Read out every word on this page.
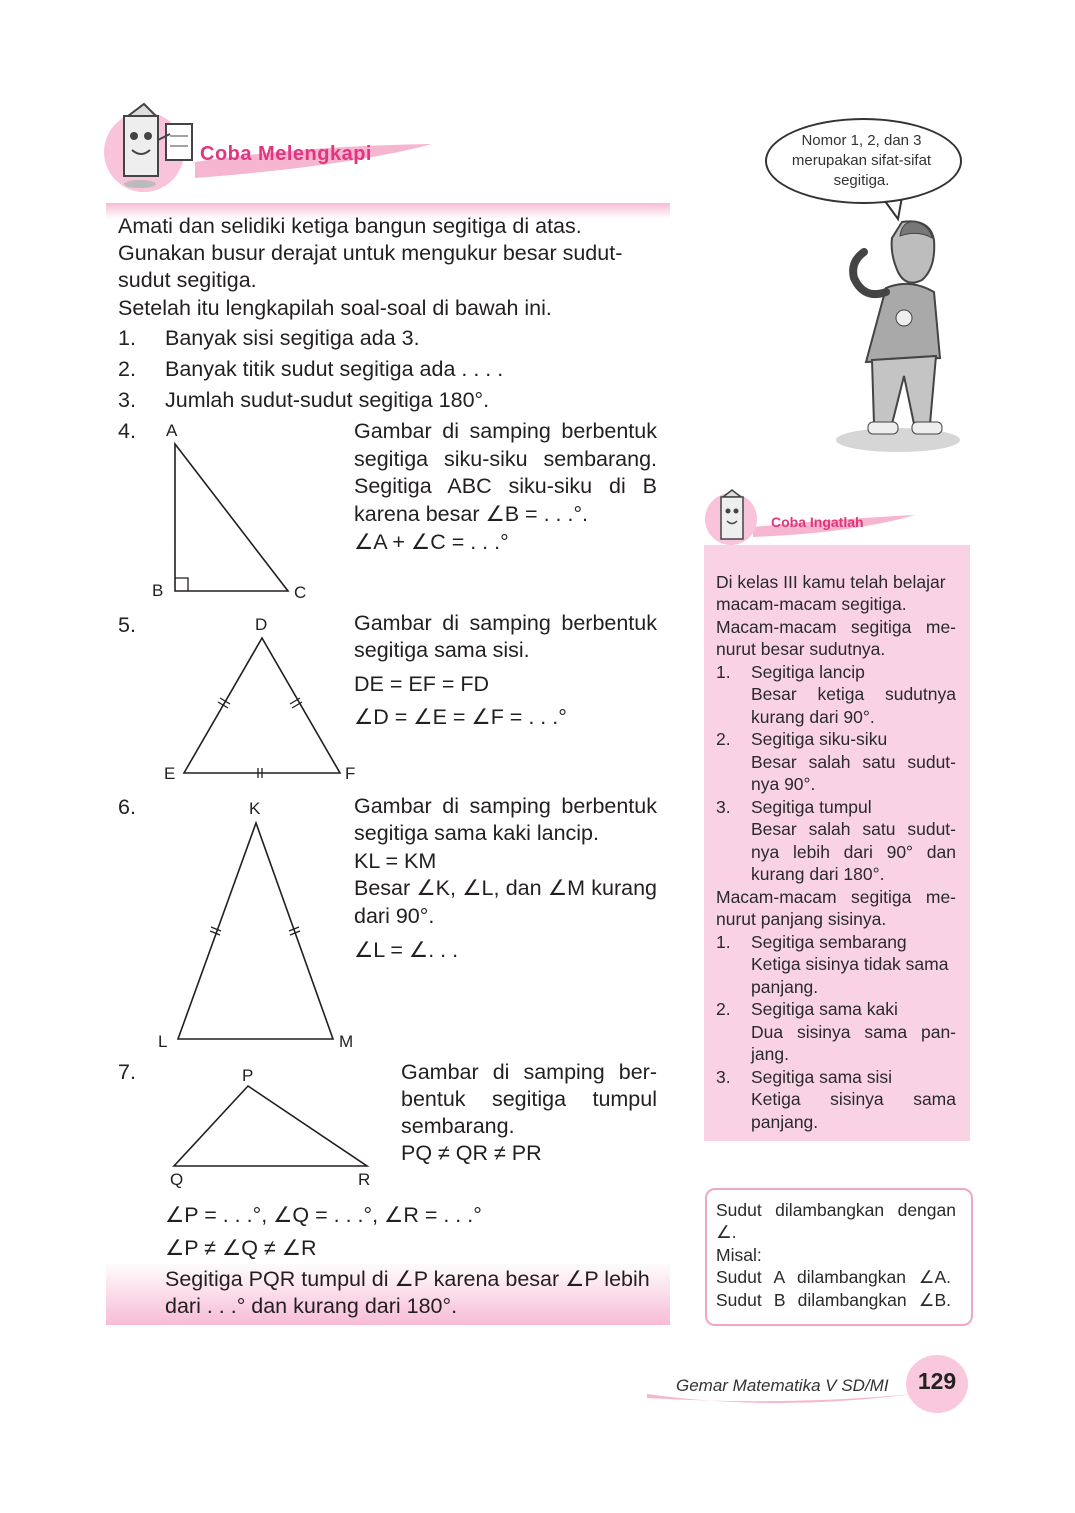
Coba Melengkapi
Amati dan selidiki ketiga bangun segitiga di atas.
Gunakan busur derajat untuk mengukur besar sudut-
sudut segitiga.
Setelah itu lengkapilah soal-soal di bawah ini.
1. Banyak sisi segitiga ada 3.
2. Banyak titik sudut segitiga ada . . . .
3. Jumlah sudut-sudut segitiga 180°.
4. A
B	C
Gambar di samping berbentuk
segitiga siku-siku sembarang.
Segitiga ABC siku-siku di B
karena besar ∠B = . . .°.
∠A + ∠C = . . .°
5.	D
E	F
Gambar di samping berbentuk
segitiga sama sisi.
DE = EF = FD
∠D = ∠E = ∠F = . . .°
6.	K
L	M
Gambar di samping berbentuk
segitiga sama kaki lancip.
KL = KM
Besar ∠K, ∠L, dan ∠M kurang
dari 90°.
∠L = ∠. . .
7.	P
Q	R
Gambar di samping ber-
bentuk segitiga tumpul
sembarang.
PQ ≠ QR ≠ PR
∠P = . . .°, ∠Q = . . .°, ∠R = . . .°
∠P ≠ ∠Q ≠ ∠R
Segitiga PQR tumpul di ∠P karena besar ∠P lebih
dari . . .° dan kurang dari 180°.
Nomor 1, 2, dan 3
merupakan sifat-sifat
segitiga.
Coba Ingatlah
Di kelas III kamu telah belajar
macam-macam segitiga.
Macam-macam segitiga me-
nurut besar sudutnya.
1. Segitiga lancip
Besar ketiga sudutnya
kurang dari 90°.
2. Segitiga siku-siku
Besar salah satu sudut-
nya 90°.
3. Segitiga tumpul
Besar salah satu sudut-
nya lebih dari 90° dan
kurang dari 180°.
Macam-macam segitiga me-
nurut panjang sisinya.
1. Segitiga sembarang
Ketiga sisinya tidak sama
panjang.
2. Segitiga sama kaki
Dua sisinya sama pan-
jang.
3. Segitiga sama sisi
Ketiga sisinya sama
panjang.
Sudut dilambangkan dengan
∠.
Misal:
Sudut A dilambangkan ∠A.
Sudut B dilambangkan ∠B.
Gemar Matematika V SD/MI	129
